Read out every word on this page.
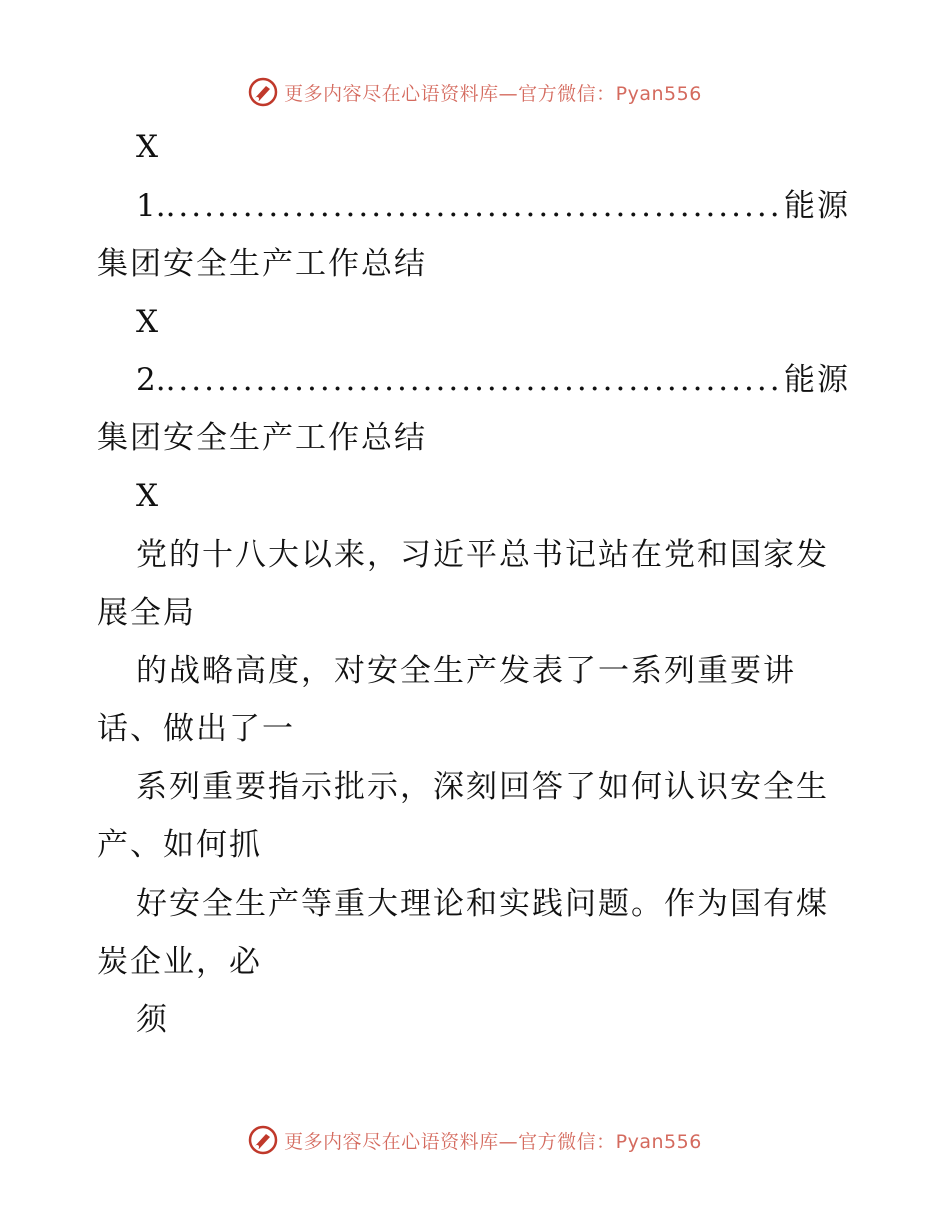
更多内容尽在心语资料库—官方微信：Pyan556
X
1. .....	能源
集团安全生产工作总结
X
2. .....	能源
集团安全生产工作总结
X
党的十八大以来，习近平总书记站在党和国家发
展全局
的战略高度，对安全生产发表了一系列重要讲
话、做出了一
系列重要指示批示，深刻回答了如何认识安全生
产、如何抓
好安全生产等重大理论和实践问题。作为国有煤
炭企业，必
须
更多内容尽在心语资料库—官方微信：Pyan556
